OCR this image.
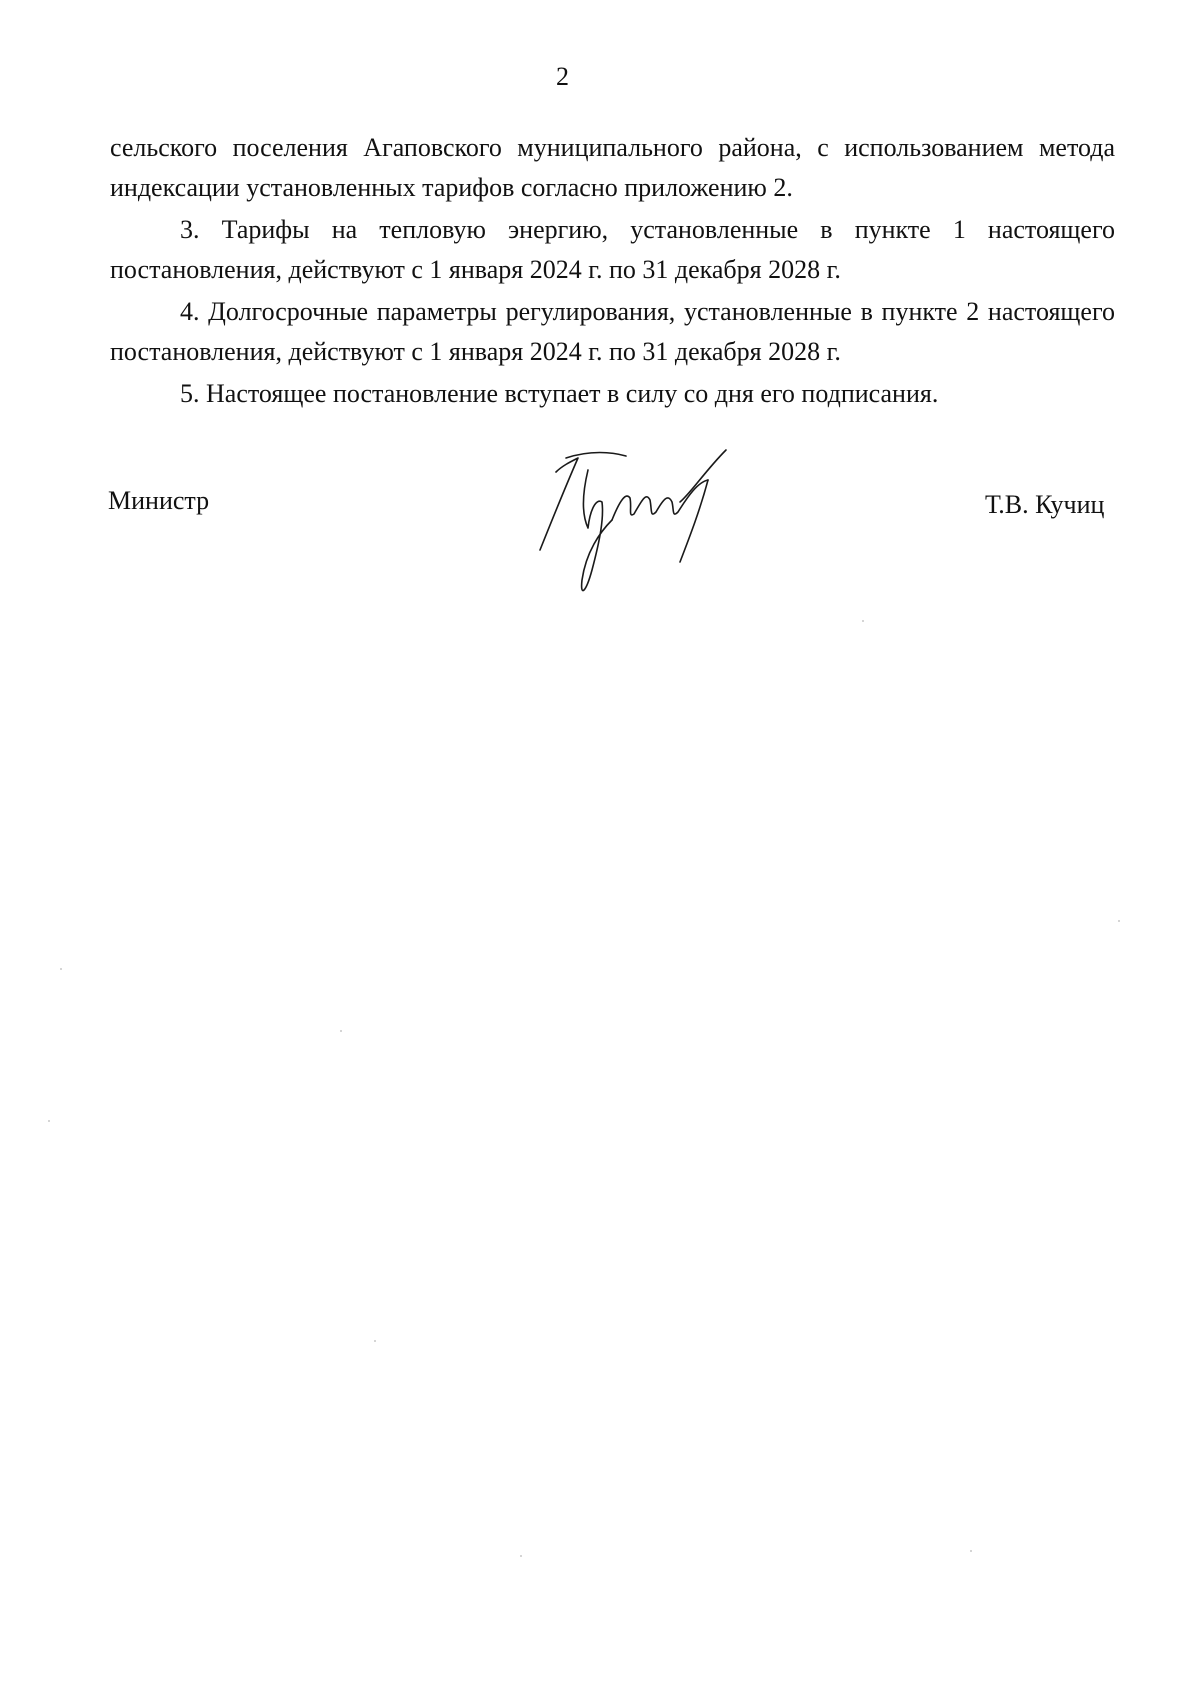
2

сельского поселения Агаповского муниципального района, с использованием метода индексации установленных тарифов согласно приложению 2.

3. Тарифы на тепловую энергию, установленные в пункте 1 настоящего постановления, действуют с 1 января 2024 г. по 31 декабря 2028 г.

4. Долгосрочные параметры регулирования, установленные в пункте 2 настоящего постановления, действуют с 1 января 2024 г. по 31 декабря 2028 г.

5. Настоящее постановление вступает в силу со дня его подписания.

Министр	Т.В. Кучиц
